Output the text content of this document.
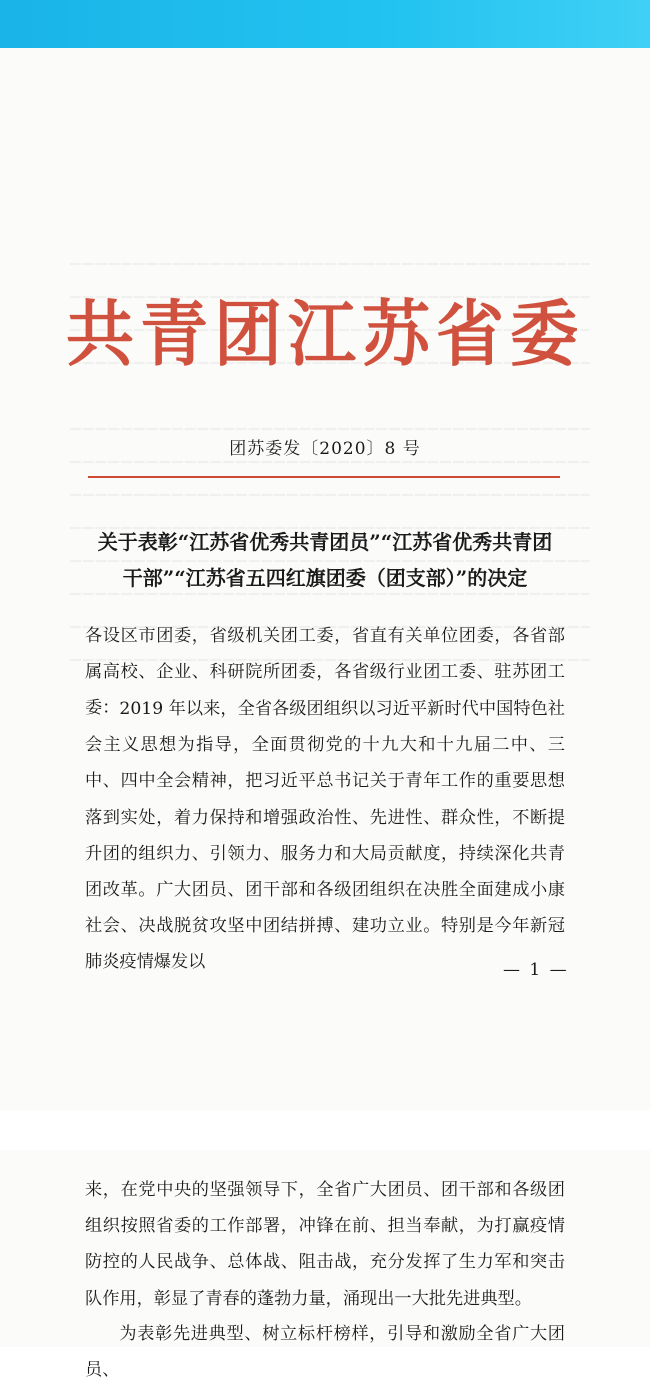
共青团江苏省委
团苏委发〔2020〕8 号
关于表彰“江苏省优秀共青团员”“江苏省优秀共青团
干部”“江苏省五四红旗团委（团支部）”的决定
各设区市团委，省级机关团工委，省直有关单位团委，各省部属高校、企业、科研院所团委，各省级行业团工委、驻苏团工委： 2019 年以来，全省各级团组织以习近平新时代中国特色社会主义思想为指导，全面贯彻党的十九大和十九届二中、三中、四中全会精神，把习近平总书记关于青年工作的重要思想落到实处，着力保持和增强政治性、先进性、群众性，不断提升团的组织力、引领力、服务力和大局贡献度，持续深化共青团改革。广大团员、团干部和各级团组织在决胜全面建成小康社会、决战脱贫攻坚中团结拼搏、建功立业。特别是今年新冠肺炎疫情爆发以	— 1 —
来，在党中央的坚强领导下，全省广大团员、团干部和各级团组织按照省委的工作部署，冲锋在前、担当奉献，为打赢疫情防控的人民战争、总体战、阻击战，充分发挥了生力军和突击队作用，彰显了青春的蓬勃力量，涌现出一大批先进典型。
为表彰先进典型、树立标杆榜样，引导和激励全省广大团员、
